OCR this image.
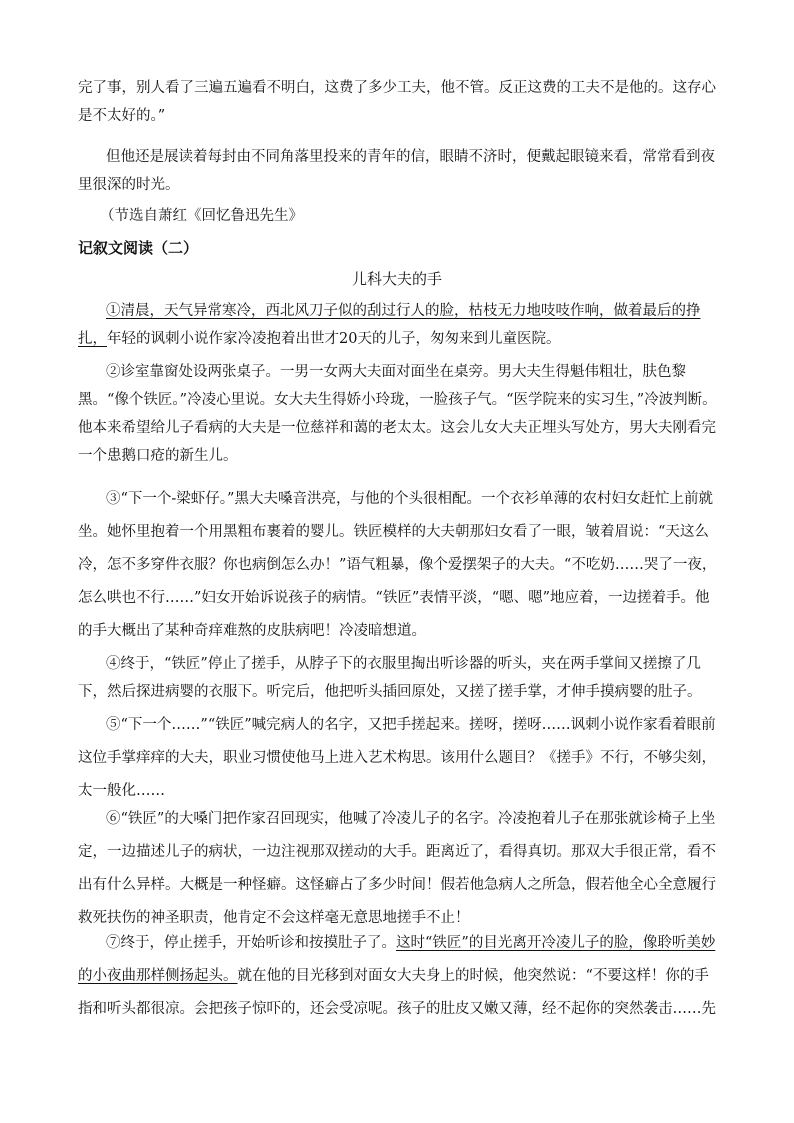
完了事，别人看了三遍五遍看不明白，这费了多少工夫，他不管。反正这费的工夫不是他的。这存心
是不太好的。”

但他还是展读着每封由不同角落里投来的青年的信，眼睛不济时，便戴起眼镜来看，常常看到夜里很深的时光。

（节选自萧红《回忆鲁迅先生》

记叙文阅读（二）

儿科大夫的手

①清晨，天气异常寒冷，西北风刀子似的刮过行人的脸，枯枝无力地吱吱作响，做着最后的挣扎，年轻的讽刺小说作家冷凌抱着出世才20天的儿子，匆匆来到儿童医院。

②诊室靠窗处设两张桌子。一男一女两大夫面对面坐在桌旁。男大夫生得魁伟粗壮，肤色黎黑。“像个铁匠。”冷凌心里说。女大夫生得娇小玲珑，一脸孩子气。“医学院来的实习生，”冷波判断。他本来希望给儿子看病的大夫是一位慈祥和蔼的老太太。这会儿女大夫正埋头写处方，男大夫刚看完一个患鹅口疮的新生儿。

③“下一个-梁虾仔。”黑大夫嗓音洪亮，与他的个头很相配。一个衣衫单薄的农村妇女赶忙上前就坐。她怀里抱着一个用黑粗布裹着的婴儿。铁匠模样的大夫朝那妇女看了一眼，皱着眉说：“天这么冷，怎不多穿件衣服？你也病倒怎么办！”语气粗暴，像个爱摆架子的大夫。“不吃奶……哭了一夜，怎么哄也不行……”妇女开始诉说孩子的病情。“铁匠”表情平淡，“嗯、嗯”地应着，一边搓着手。他的手大概出了某种奇痒难熬的皮肤病吧！冷凌暗想道。

④终于，“铁匠”停止了搓手，从脖子下的衣服里掏出听诊器的听头，夹在两手掌间又搓擦了几下，然后探进病婴的衣服下。听完后，他把听头插回原处，又搓了搓手掌，才伸手摸病婴的肚子。

⑤“下一个……”“铁匠”喊完病人的名字，又把手搓起来。搓呀，搓呀……讽刺小说作家看着眼前这位手掌痒痒的大夫，职业习惯使他马上进入艺术构思。该用什么题目？《搓手》不行，不够尖刻，太一般化……

⑥“铁匠”的大嗓门把作家召回现实，他喊了冷凌儿子的名字。冷凌抱着儿子在那张就诊椅子上坐定，一边描述儿子的病状，一边注视那双搓动的大手。距离近了，看得真切。那双大手很正常，看不出有什么异样。大概是一种怪癖。这怪癖占了多少时间！假若他急病人之所急，假若他全心全意履行救死扶伤的神圣职责，他肯定不会这样毫无意思地搓手不止！

⑦终于，停止搓手，开始听诊和按摸肚子了。这时“铁匠”的目光离开冷凌儿子的脸，像聆听美妙的小夜曲那样侧扬起头。就在他的目光移到对面女大夫身上的时候，他突然说：“不要这样！你的手指和听头都很凉。会把孩子惊吓的，还会受凉呢。孩子的肚皮又嫩又薄，经不起你的突然袭击……先
